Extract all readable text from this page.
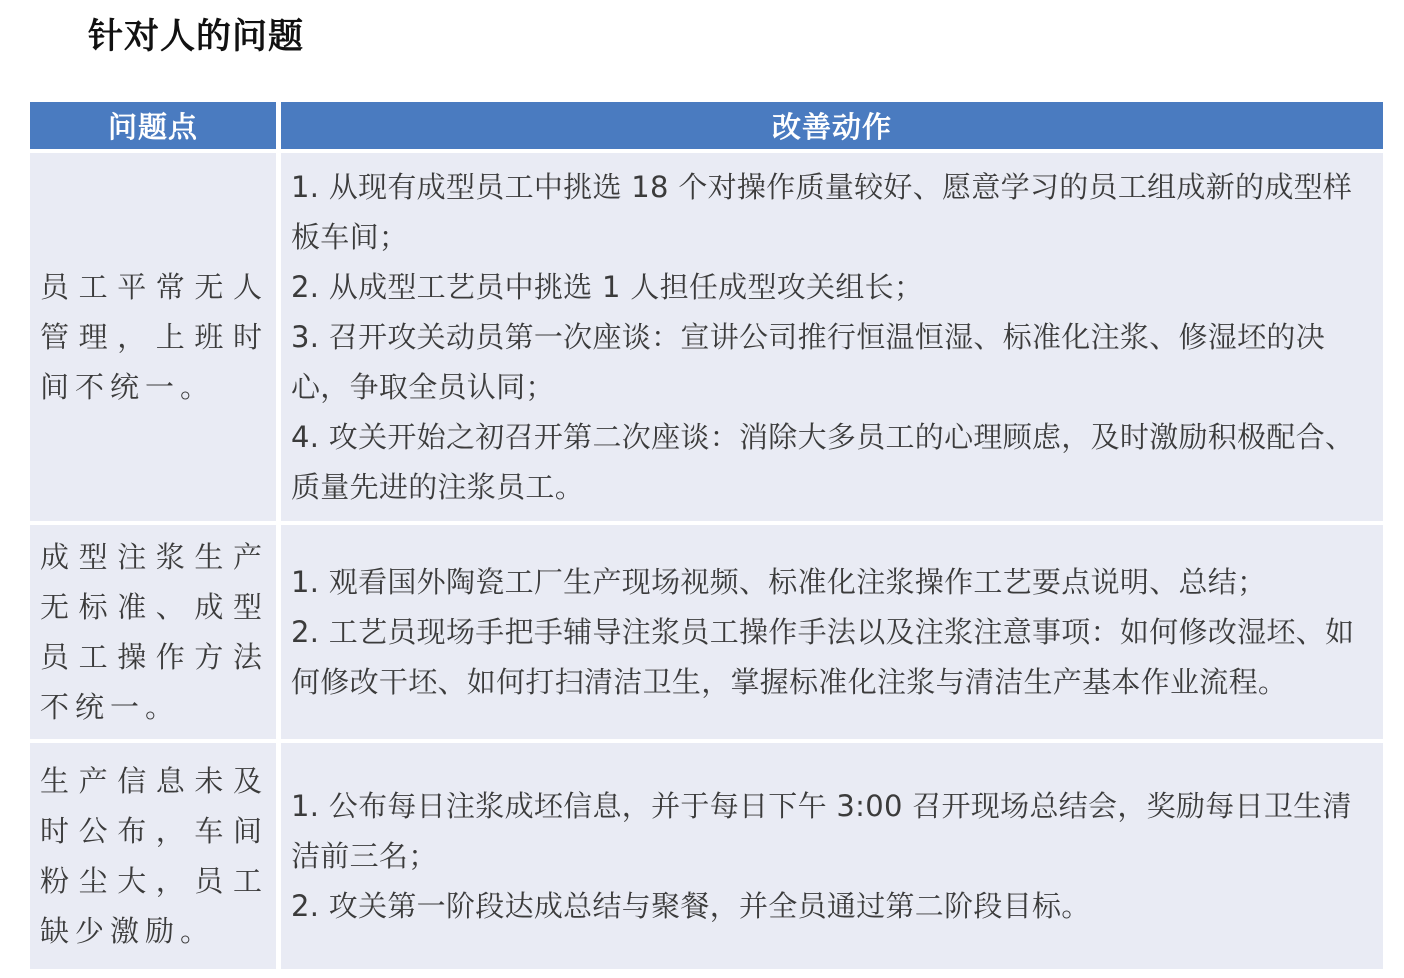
针对人的问题
问题点	改善动作
员工平常无人管理，上班时间不统一。	1. 从现有成型员工中挑选 18 个对操作质量较好、愿意学习的员工组成新的成型样板车间；
2. 从成型工艺员中挑选 1 人担任成型攻关组长；
3. 召开攻关动员第一次座谈：宣讲公司推行恒温恒湿、标准化注浆、修湿坯的决心，争取全员认同；
4. 攻关开始之初召开第二次座谈：消除大多员工的心理顾虑，及时激励积极配合、质量先进的注浆员工。

成型注浆生产无标准、成型员工操作方法不统一。	1. 观看国外陶瓷工厂生产现场视频、标准化注浆操作工艺要点说明、总结；
2. 工艺员现场手把手辅导注浆员工操作手法以及注浆注意事项：如何修改湿坯、如何修改干坯、如何打扫清洁卫生，掌握标准化注浆与清洁生产基本作业流程。

生产信息未及时公布，车间粉尘大，员工缺少激励。	1. 公布每日注浆成坯信息，并于每日下午 3:00 召开现场总结会，奖励每日卫生清洁前三名；
2. 攻关第一阶段达成总结与聚餐，并全员通过第二阶段目标。
